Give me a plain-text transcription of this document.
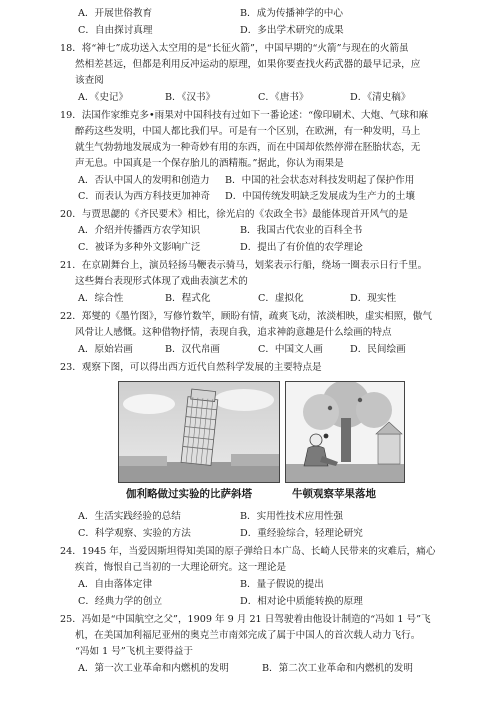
A．开展世俗教育	B．成为传播神学的中心
C．自由探讨真理	D．多出学术研究的成果
18．将“神七”成功送入太空用的是“长征火箭”，中国早期的“火箭”与现在的火箭虽
然相差甚远，但都是利用反冲运动的原理，如果你要查找火药武器的最早记录，应
该查阅
A．《史记》	B．《汉书》	C．《唐书》	D．《清史稿》
19．法国作家维克多•雨果对中国科技有过如下一番论述：“像印刷术、大炮、气球和麻
醉药这些发明，中国人都比我们早。可是有一个区别，在欧洲，有一种发明，马上
就生气勃勃地发展成为一种奇妙有用的东西，而在中国却依然停滞在胚胎状态，无
声无息。中国真是一个保存胎儿的酒精瓶。”据此，你认为雨果是
A．否认中国人的发明和创造力 B．中国的社会状态对科技发明起了保护作用
C．而表认为西方科技更加神奇 D．中国传统发明缺乏发展成为生产力的土壤
20．与贾思勰的《齐民要术》相比，徐光启的《农政全书》最能体现首开风气的是
A．介绍并传播西方农学知识	B．我国古代农业的百科全书
C．被译为多种外文影响广泛	D．提出了有价值的农学理论
21．在京剧舞台上，演员轻扬马鞭表示骑马，划桨表示行船，绕场一圈表示日行千里。
这些舞台表现形式体现了戏曲表演艺术的
A．综合性	B．程式化	C．虚拟化	D．现实性
22．郑燮的《墨竹图》，写修竹数竿，顾盼有情，疏爽飞动，浓淡相映，虚实相照，傲气
风骨让人感慨。这种借物抒情，表现自我，追求神韵意趣是什么绘画的特点
A．原始岩画	B．汉代帛画	C．中国文人画	D．民间绘画
23．观察下图，可以得出西方近代自然科学发展的主要特点是
伽利略做过实验的比萨斜塔	牛顿观察苹果落地
A．生活实践经验的总结	B．实用性技术应用性强
C．科学观察、实验的方法	D．重经验综合，轻理论研究
24．1945 年，当爱因斯坦得知美国的原子弹给日本广岛、长崎人民带来的灾难后，痛心
疾首，悔恨自己当初的一大理论研究。这一理论是
A．自由落体定律	B．量子假说的提出
C．经典力学的创立	D．相对论中质能转换的原理
25．冯如是“中国航空之父”，1909 年 9 月 21 日驾驶着由他设计制造的“冯如 1 号”飞
机，在美国加利福尼亚州的奥克兰市南郊完成了属于中国人的首次载人动力飞行。
“冯如 1 号”飞机主要得益于
A．第一次工业革命和内燃机的发明	B．第二次工业革命和内燃机的发明
